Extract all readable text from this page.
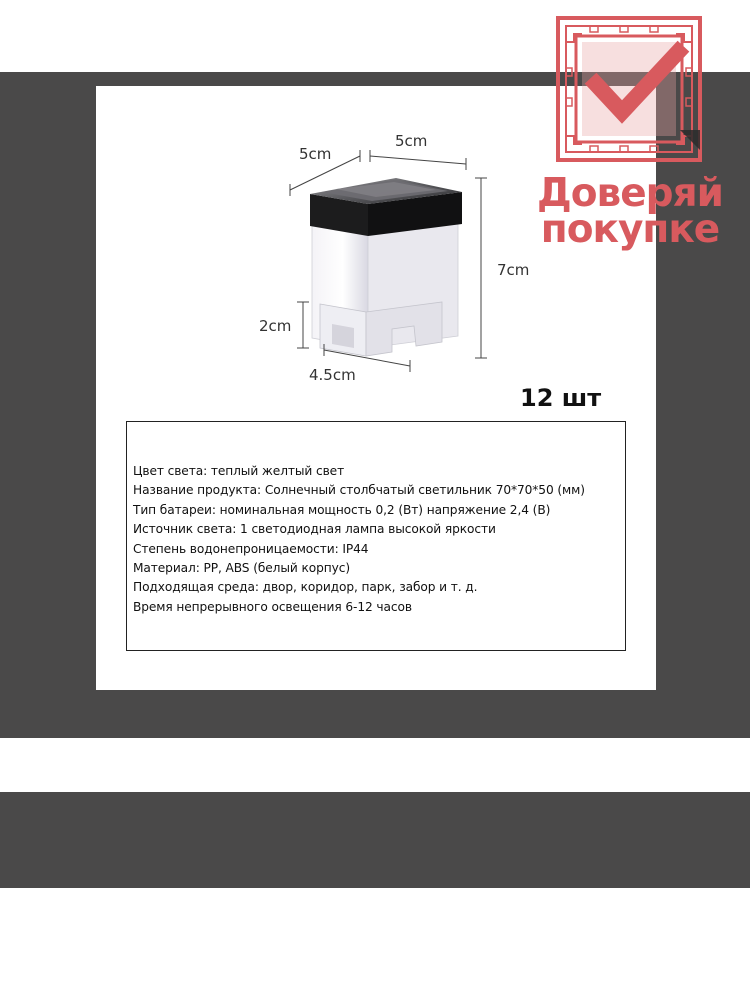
5cm
5cm
7cm
2cm
4.5cm
12 шт
Цвет света: теплый желтый свет
Название продукта: Солнечный столбчатый светильник 70*70*50 (мм)
Тип батареи: номинальная мощность 0,2 (Вт) напряжение 2,4 (В)
Источник света: 1 светодиодная лампа высокой яркости
Степень водонепроницаемости: IP44
Материал: PP, ABS (белый корпус)
Подходящая среда: двор, коридор, парк, забор и т. д.
Время непрерывного освещения 6-12 часов
Доверяй
покупке
